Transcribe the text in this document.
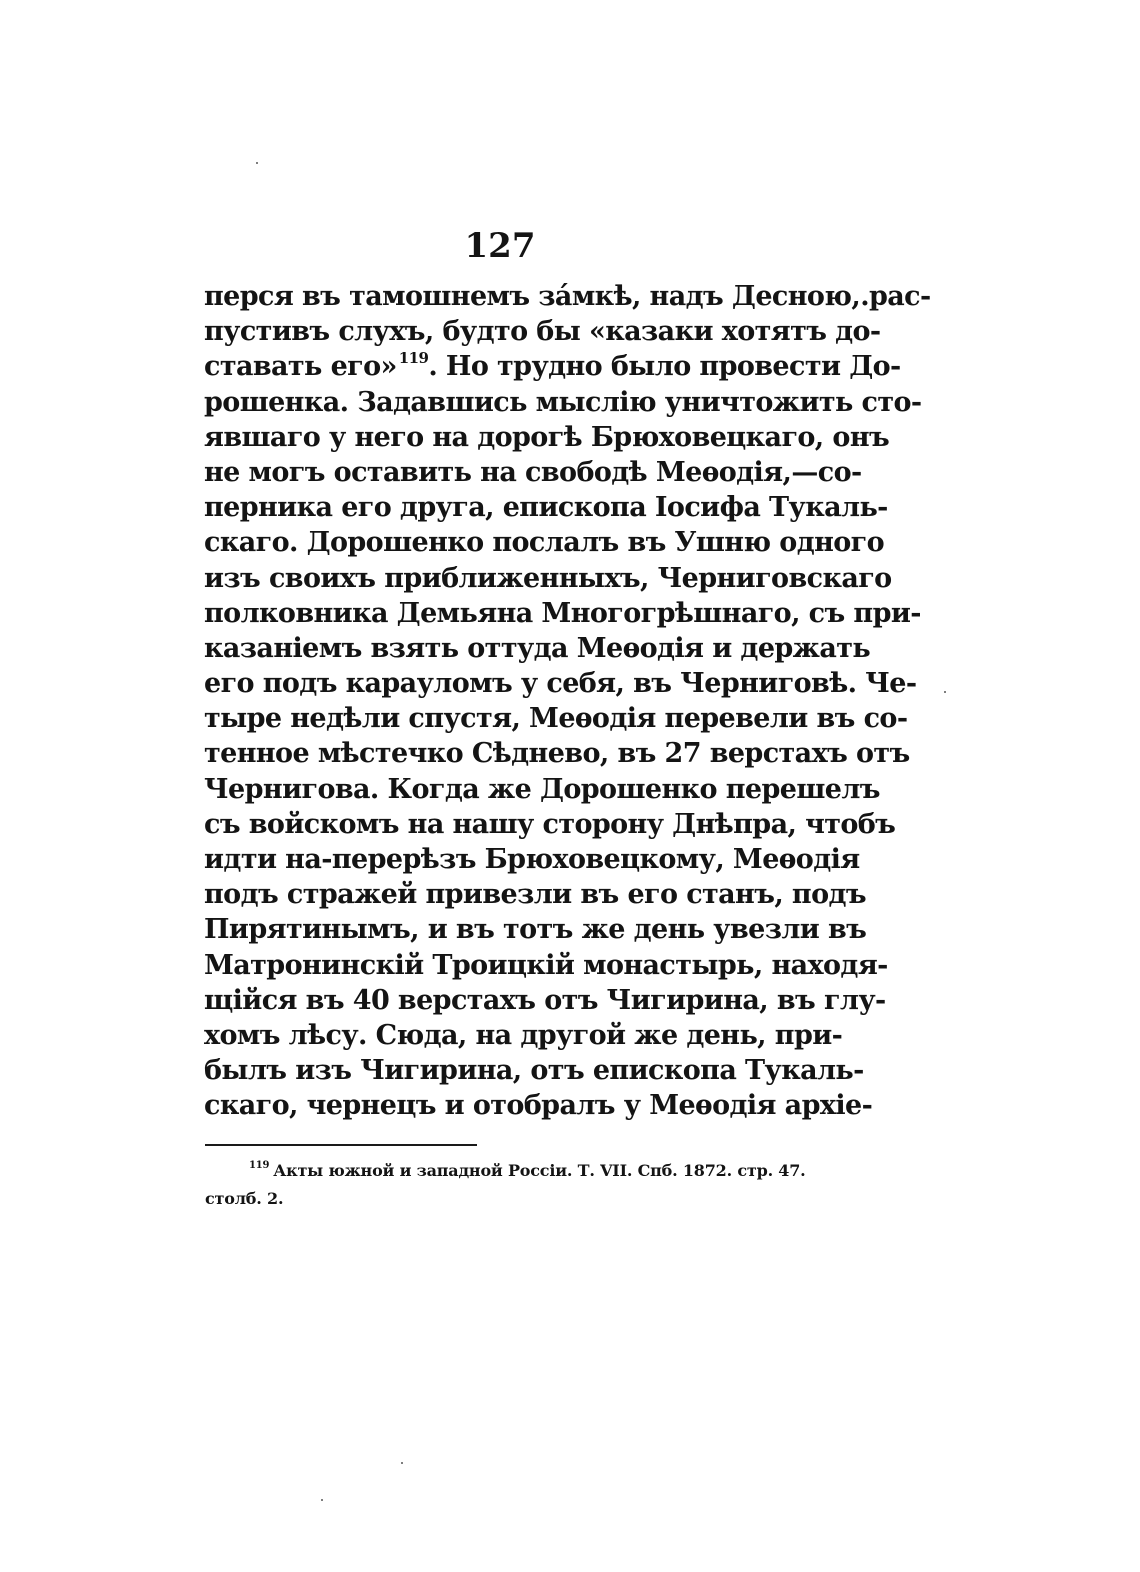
127
перся въ тамошнемъ за́мкѣ, надъ Десною,.рас-
пустивъ слухъ, будто бы «казаки хотятъ до-
ставать его» $^{119}$. Но трудно было провести До-
рошенка. Задавшись мыслію уничтожить сто-
явшаго у него на дорогѣ Брюховецкаго, онъ
не могъ оставить на свободѣ Меѳодія,—со-
перника его друга, епископа Іосифа Тукаль-
скаго. Дорошенко послалъ въ Ушню одного
изъ своихъ приближенныхъ, Черниговскаго
полковника Демьяна Многогрѣшнаго, съ при-
казаніемъ взять оттуда Меѳодія и держать
его подъ карауломъ у себя, въ Черниговѣ. Че-
тыре недѣли спустя, Меѳодія перевели въ со-
тенное мѣстечко Сѣднево, въ 27 верстахъ отъ
Чернигова. Когда же Дорошенко перешелъ
съ войскомъ на нашу сторону Днѣпра, чтобъ
идти на-перерѣзъ Брюховецкому, Меѳодія
подъ стражей привезли въ его станъ, подъ
Пирятинымъ, и въ тотъ же день увезли въ
Матронинскій Троицкій монастырь, находя-
щійся въ 40 верстахъ отъ Чигирина, въ глу-
хомъ лѣсу. Сюда, на другой же день, при-
былъ изъ Чигирина, отъ епископа Тукаль-
скаго, чернецъ и отобралъ у Меѳодія архіе-
$^{119}$ Акты южной и западной Россіи. Т. VII. Спб. 1872. стр. 47.
столб. 2.
